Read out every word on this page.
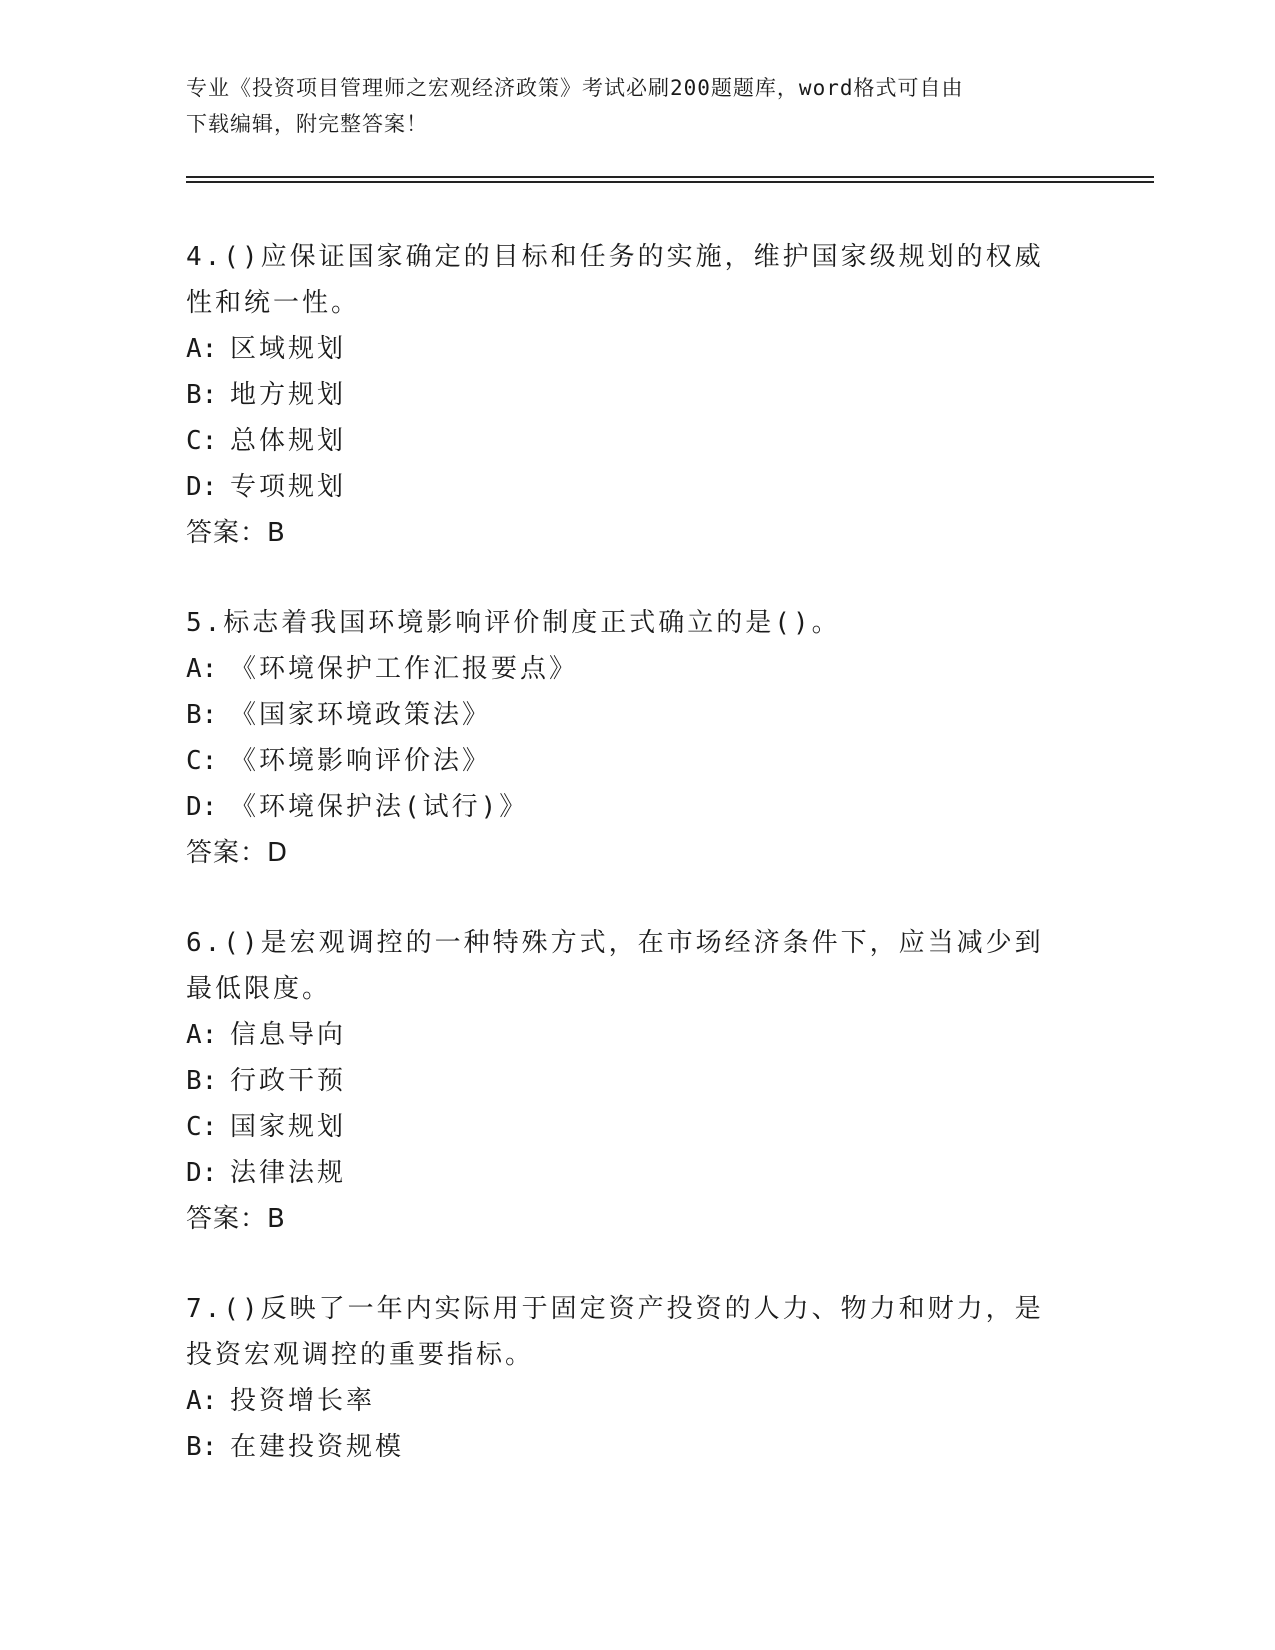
专业《投资项目管理师之宏观经济政策》考试必刷200题题库，word格式可自由
下载编辑，附完整答案！

4.()应保证国家确定的目标和任务的实施，维护国家级规划的权威性和统一性。

A: 区域规划

B: 地方规划

C: 总体规划

D: 专项规划

答案：B

5.标志着我国环境影响评价制度正式确立的是()。

A: 《环境保护工作汇报要点》

B: 《国家环境政策法》

C: 《环境影响评价法》

D: 《环境保护法(试行)》

答案：D

6.()是宏观调控的一种特殊方式，在市场经济条件下，应当减少到最低限度。

A: 信息导向

B: 行政干预

C: 国家规划

D: 法律法规

答案：B

7.()反映了一年内实际用于固定资产投资的人力、物力和财力，是投资宏观调控的重要指标。

A: 投资增长率

B: 在建投资规模
